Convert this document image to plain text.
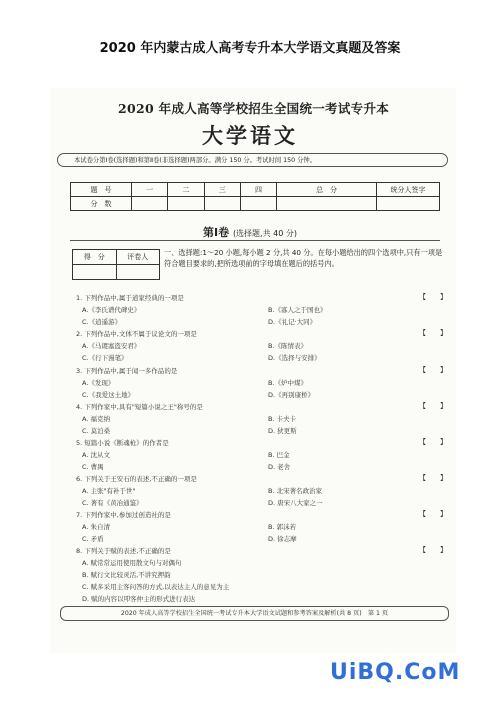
2020 年内蒙古成人高考专升本大学语文真题及答案
2020 年成人高等学校招生全国统一考试专升本
大学语文
本试卷分第Ⅰ卷(选择题)和第Ⅱ卷(非选择题)两部分。满分 150 分。考试时间 150 分钟。
题　号	一	二	三	四	总　分	统分人签字
分　数						
第Ⅰ卷 (选择题,共 40 分)
得　分	评卷人
	一、选择题:1～20 小题,每小题 2 分,共 40 分。在每小题给出的四个选项中,只有一项是符合题目要求的,把所选项前的字母填在题后的括号内。
1. 下列作品中,属于道家经典的一项是	【　　】
A.《李氏谱代碑史》	B.《寡人之于国也》
C.《逍遥游》	D.《礼记·大同》
2. 下列作品中,文体不属于议论文的一项是	【　　】
A.《马谡塞盗安君》	B.《陈情表》
C.《行下漫笔》	D.《选择与安排》
3. 下列作品中,属于闻一多作品的是	【　　】
A.《发现》	B.《炉中煤》
C.《我爱这土地》	D.《再别康桥》
4. 下列作家中,具有"短篇小说之王"称号的是	【　　】
A. 福克纳	B. 卡夫卡
C. 莫泊桑	D. 狄更斯
5. 短篇小说《断魂枪》的作者是	【　　】
A. 沈从文	B. 巴金
C. 曹禺	D. 老舍
6. 下列关于王安石的表述,不正确的一项是	【　　】
A. 主张"有补于世"	B. 北宋著名政治家
C. 著有《黄冶通鉴》	D. 唐宋八大家之一
7. 下列作家中,参加过创造社的是	【　　】
A. 朱自清	B. 郭沫若
C. 矛盾	D. 徐志摩
8. 下列关于赋的表述,不正确的是	【　　】
A. 赋常常运用使用散文句与对偶句
B. 赋行文比较灵活,不讲究押韵
C. 赋多采用主客问答的方式,以表达主人的意见为主
D. 赋的内容以叩客仲主的形式进行表达
2020 年成人高等学校招生全国统一考试专升本大学语文试题和参考答案及解析(共 8 页)　第 1 页
UiBQ.CoM
